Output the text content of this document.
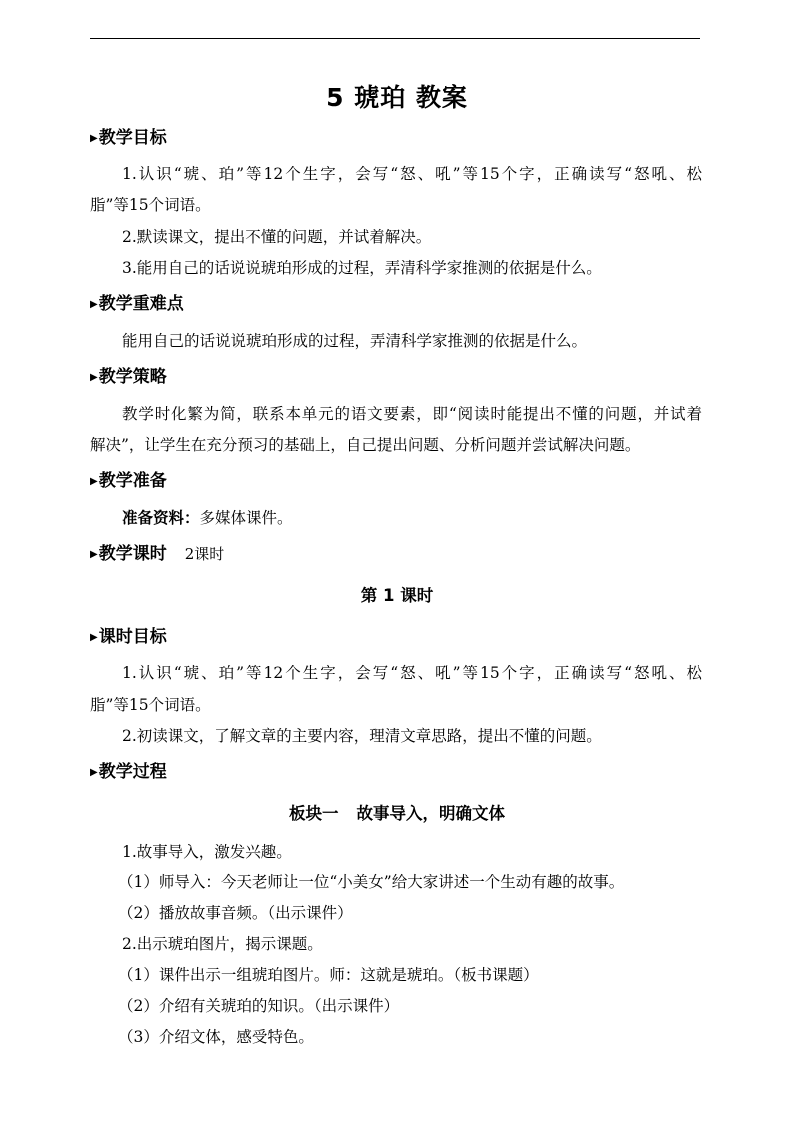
5 琥珀 教案
▶教学目标
1.认识“琥、珀”等12个生字，会写“怒、吼”等15个字，正确读写“怒吼、松
脂”等15个词语。
2.默读课文，提出不懂的问题，并试着解决。
3.能用自己的话说说琥珀形成的过程，弄清科学家推测的依据是什么。
▶教学重难点
能用自己的话说说琥珀形成的过程，弄清科学家推测的依据是什么。
▶教学策略
教学时化繁为简，联系本单元的语文要素，即“阅读时能提出不懂的问题，并试着
解决”，让学生在充分预习的基础上，自己提出问题、分析问题并尝试解决问题。
▶教学准备
准备资料：多媒体课件。
▶教学课时 2课时
第 1 课时
▶课时目标
1.认识“琥、珀”等12个生字，会写“怒、吼”等15个字，正确读写“怒吼、松
脂”等15个词语。
2.初读课文，了解文章的主要内容，理清文章思路，提出不懂的问题。
▶教学过程
板块一 故事导入，明确文体
1.故事导入，激发兴趣。
（1）师导入：今天老师让一位“小美女”给大家讲述一个生动有趣的故事。
（2）播放故事音频。（出示课件）
2.出示琥珀图片，揭示课题。
（1）课件出示一组琥珀图片。师：这就是琥珀。（板书课题）
（2）介绍有关琥珀的知识。（出示课件）
（3）介绍文体，感受特色。
